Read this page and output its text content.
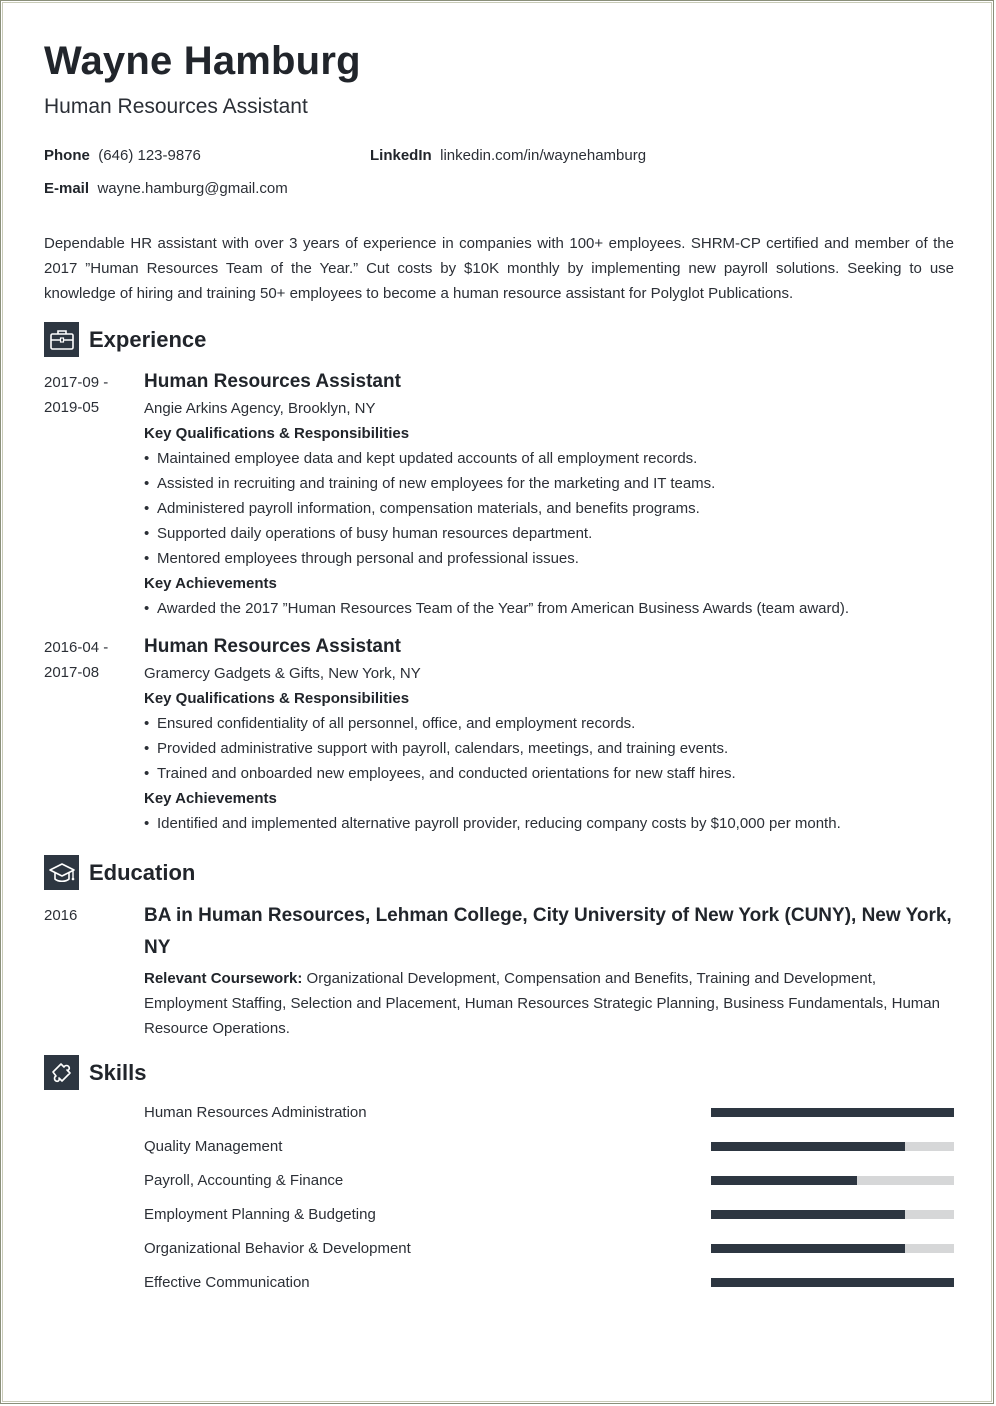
Wayne Hamburg
Human Resources Assistant
Phone (646) 123-9876	LinkedIn linkedin.com/in/waynehamburg
E-mail wayne.hamburg@gmail.com
Dependable HR assistant with over 3 years of experience in companies with 100+ employees. SHRM-CP certified and member of the 2017 ”Human Resources Team of the Year.” Cut costs by $10K monthly by implementing new payroll solutions. Seeking to use knowledge of hiring and training 50+ employees to become a human resource assistant for Polyglot Publications.
Experience
2017-09 -
2019-05
Human Resources Assistant
Angie Arkins Agency, Brooklyn, NY
Key Qualifications & Responsibilities
• Maintained employee data and kept updated accounts of all employment records.
• Assisted in recruiting and training of new employees for the marketing and IT teams.
• Administered payroll information, compensation materials, and benefits programs.
• Supported daily operations of busy human resources department.
• Mentored employees through personal and professional issues.
Key Achievements
• Awarded the 2017 ”Human Resources Team of the Year” from American Business Awards (team award).
2016-04 -
2017-08
Human Resources Assistant
Gramercy Gadgets & Gifts, New York, NY
Key Qualifications & Responsibilities
• Ensured confidentiality of all personnel, office, and employment records.
• Provided administrative support with payroll, calendars, meetings, and training events.
• Trained and onboarded new employees, and conducted orientations for new staff hires.
Key Achievements
• Identified and implemented alternative payroll provider, reducing company costs by $10,000 per month.
Education
2016	BA in Human Resources, Lehman College, City University of New York (CUNY), New York, NY
Relevant Coursework: Organizational Development, Compensation and Benefits, Training and Development, Employment Staffing, Selection and Placement, Human Resources Strategic Planning, Business Fundamentals, Human Resource Operations.
Skills
Human Resources Administration
Quality Management
Payroll, Accounting & Finance
Employment Planning & Budgeting
Organizational Behavior & Development
Effective Communication
